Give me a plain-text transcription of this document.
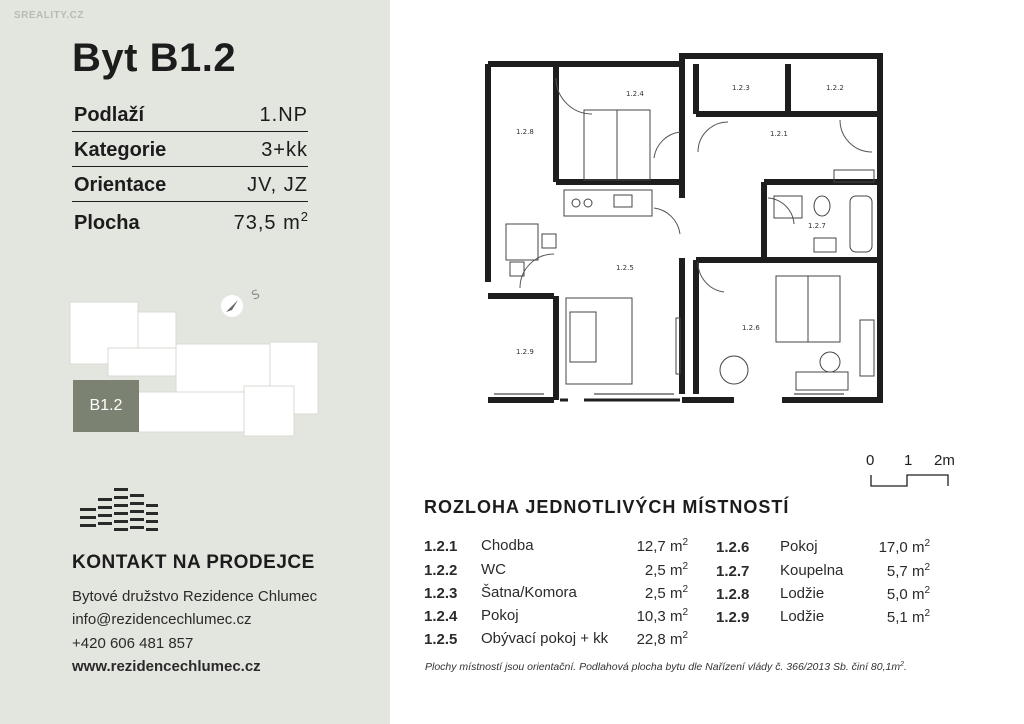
SREALITY.CZ
Byt B1.2
Podlaží	1.NP
Kategorie	3+kk
Orientace	JV, JZ
Plocha	73,5 $m^2$
S
B1.2
KONTAKT NA PRODEJCE
Bytové družstvo Rezidence Chlumec
info@rezidencechlumec.cz
+420 606 481 857
www.rezidencechlumec.cz
1.2.4
1.2.3	1.2.2
1.2.1
1.2.8
1.2.7
1.2.5
1.2.6
1.2.9
0 1 2m
ROZLOHA JEDNOTLIVÝCH MÍSTNOSTÍ
1.2.1 Chodba	12,7 $m^2$
1.2.2 WC	2,5 $m^2$
1.2.3 Šatna/Komora	2,5 $m^2$
1.2.4 Pokoj	10,3 $m^2$
1.2.5 Obývací pokoj + kk 22,8 $m^2$
1.2.6 Pokoj	17,0 $m^2$
1.2.7 Koupelna	5,7 $m^2$
1.2.8 Lodžie	5,0 $m^2$
1.2.9 Lodžie	5,1 $m^2$
Plochy místností jsou orientační. Podlahová plocha bytu dle Nařízení vlády č. 366/2013 Sb. činí $80,1m^2$.
